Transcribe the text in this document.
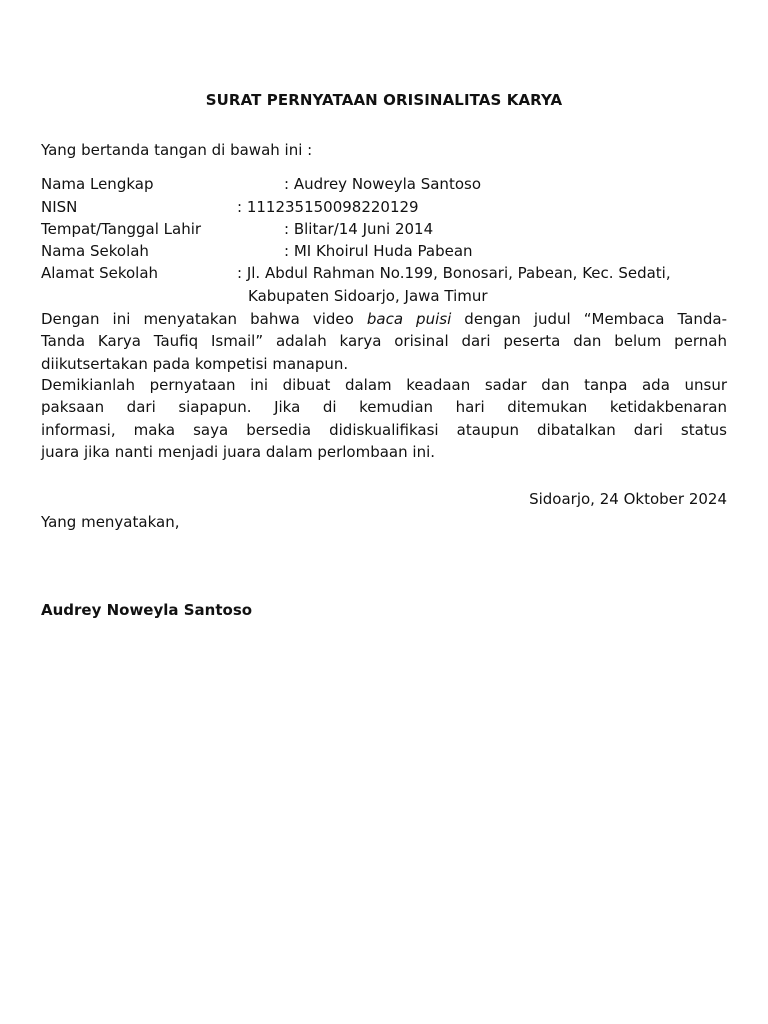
SURAT PERNYATAAN ORISINALITAS KARYA
Yang bertanda tangan di bawah ini :
Nama Lengkap	: Audrey Noweyla Santoso
NISN	: 111235150098220129
Tempat/Tanggal Lahir	: Blitar/14 Juni 2014
Nama Sekolah	: MI Khoirul Huda Pabean
Alamat Sekolah	: Jl. Abdul Rahman No.199, Bonosari, Pabean, Kec. Sedati,
Kabupaten Sidoarjo, Jawa Timur
Dengan ini menyatakan bahwa video baca puisi dengan judul “Membaca Tanda-
Tanda Karya Taufiq Ismail” adalah karya orisinal dari peserta dan belum pernah
diikutsertakan pada kompetisi manapun.
Demikianlah pernyataan ini dibuat dalam keadaan sadar dan tanpa ada unsur
paksaan dari siapapun. Jika di kemudian hari ditemukan ketidakbenaran
informasi, maka saya bersedia didiskualifikasi ataupun dibatalkan dari status
juara jika nanti menjadi juara dalam perlombaan ini.
Sidoarjo, 24 Oktober 2024
Yang menyatakan,
Audrey Noweyla Santoso
